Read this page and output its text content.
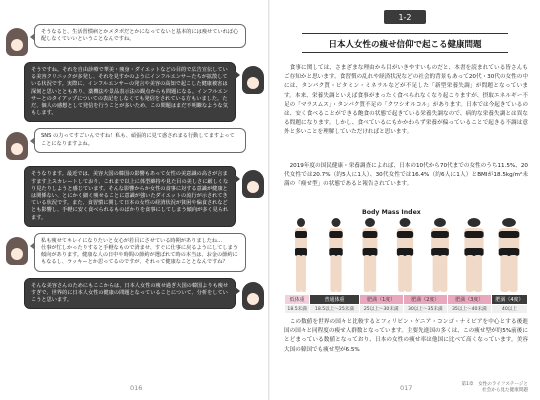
そうなると、生活習慣病とかメタボだとかになってないと基本的には痩せていれば心配しなくていいということなんですね。
そうですね。それを自由診療で華美・痩身・ダイエットなどの目的で広告宣伝している美容クリニックが多発し、それを見すかのようにインフルエンサーたちが拡散している状況です。実際に、インフルエンサーの発言や美容の高知で起こした健康被害は深刻と思いとともあり、薬機法や景品表示法の観点からも問題になる。インフルエンサーとのタイアップについての表記をしなくても発信をされている方もいました。ただ、個人の感想として発信を行うことが多いため、この問題はまだ不明瞭なような気もします。
SNS の力ってすごいんですね！私も、頑張的に見て惑されまる行動してますよってことになりますよね。
そうなります。最近では、美容大国の韓国の影響もあって女性の美意識の高さが言ますます上スカレートしており、これまで以上に体型維持や見た目の美しさに厳しくなり見たりしようと感じています。そんな影響からか女性の食事に対する意識が健康とは関係ない、とにかく細く痩せることに意識が強いたダイエットの流行が示されてきている状況です。また、食習慣に関して日本の女性の経済状況が貧困や偏食されなどとも影響し、手軽に安く食べられるものばかりを食事にしてしまう傾向が多く見られます。
私も痩せてキレイになりたいと女心が若目にさせている時期がありましたね…
仕事が忙しかったりすると手軽なもので済ませ、すぐに仕事に戻るようにしてしまう傾向があります。健康な人の日中や時間の節約が選ばれて時の本当は、お金の節約にもなるし、ラッキーとか思ってるのですが、それって健康なこととなんですね？
そんな美容さんのためにもここからは、日本人女性の痩せ過ぎ大国の韓国よりも痩せすぎで、世界的に日本人女性の健康の問題となっていることについて、分析をしていこうと思います。
016
1-2
日本人女性の痩せ信仰で起こる健康問題
　食事に関しては、さまざまな理由から目がいきやすいものだと、本書を読まれている皆さんもご存知かと思います。食習慣の乱れや経済状況などの社会的背景もあって20代・30代の女性の中には、タンパク質・ビタミン・ミネラルなどが不足した「新型栄養失調」が問題となっています。本来、栄養失調といえば食事がまったく食べられなくなり起こりますが、摂取エネルギー不足の「マラスムス」・タンパク質不足の「クワシオルコル」があります。日本では今起きているのは、安く食べることができる飽食の状態で起きている栄養失調なので、病的な栄養失調とは異なる問題になります。しかし、食べているにもかかわらず栄養が偏っていることで起きる不調は意外と多いことを理解していただければと思います。
　2019年度の国民健康・栄養調査によれば、日本の10代から70代までの女性のうち11.5%、20代女性では20.7%（約5人に1人）、30代女性では16.4%（約6人に1人）とBMIが18.5kg/m²未満の「痩せ型」の状態であると報告されています。
Body Mass Index
低体重	普通体重	肥満（1度）	肥満（2度）	肥満（3度）	肥満（4度）
18.5未満	18.5以上～25未満	25以上～30未満	30以上～35未満	35以上～40未満	40以上
　この数値を世界の国々と比較するとフィリピン・ケニア・コンゴ・ナミビアを中心とする後進国の国々と同程度の痩せ人群数となっています。主要先進国の多くは、この痩せ型が約5%前後にとどまっている数値となっており、日本の女性の痩せ率は他国に比べて高くなっています。美容大国の韓国でも痩せ型が6.5%
017	第1章　女性のライフステージと
社会から見た健康問題
